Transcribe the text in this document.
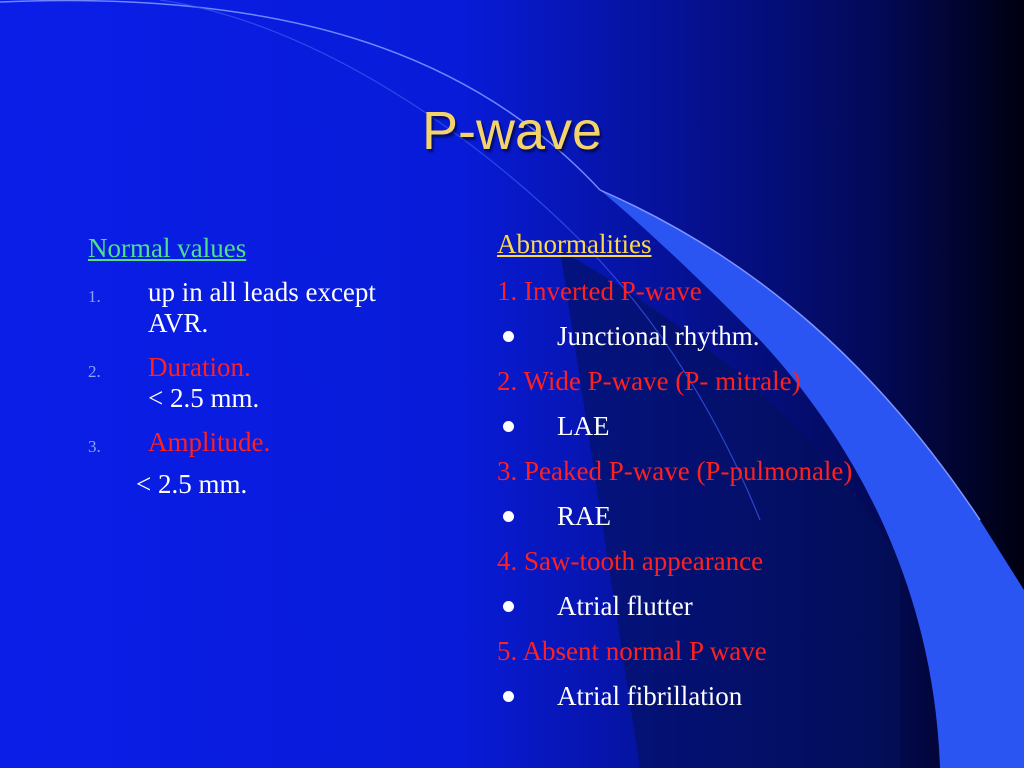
P-wave
Normal values
1. up in all leads except
AVR.
2. Duration.
< 2.5 mm.
3. Amplitude.
< 2.5 mm.
Abnormalities
1. Inverted P-wave
Junctional rhythm.
2. Wide P-wave (P- mitrale)
LAE
3. Peaked P-wave (P-pulmonale)
RAE
4. Saw-tooth appearance
Atrial flutter
5. Absent normal P wave
Atrial fibrillation
